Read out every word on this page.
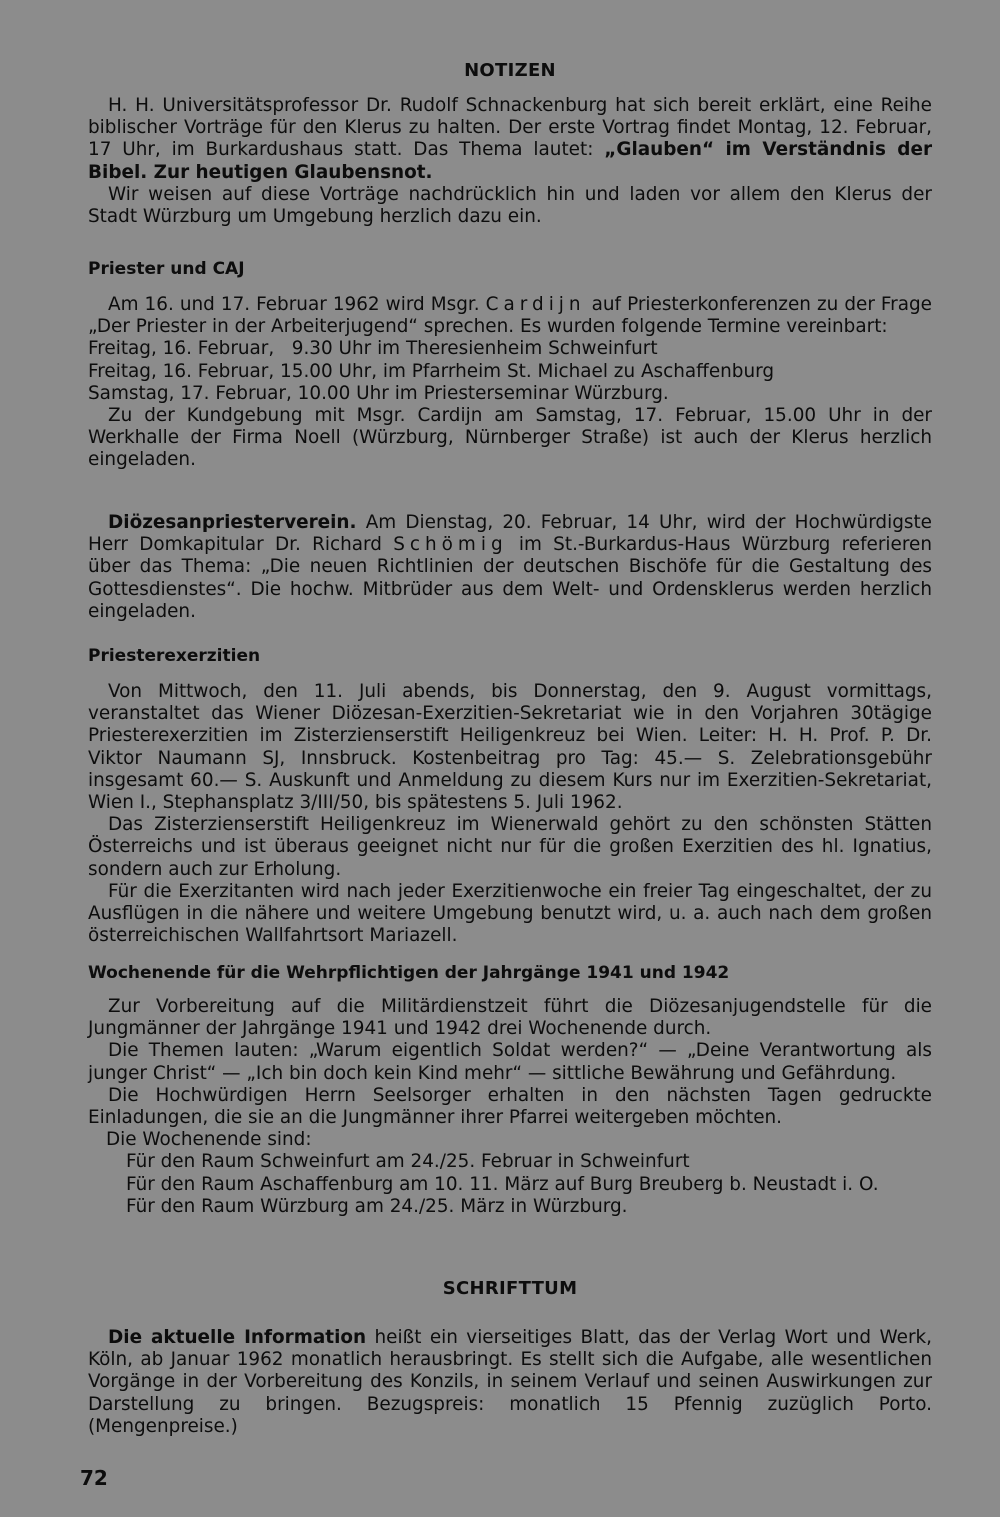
NOTIZEN

H. H. Universitätsprofessor Dr. Rudolf Schnackenburg hat sich bereit erklärt, eine Reihe biblischer Vorträge für den Klerus zu halten. Der erste Vortrag findet Montag, 12. Februar, 17 Uhr, im Burkardushaus statt. Das Thema lautet: „Glauben“ im Verständnis der Bibel. Zur heutigen Glaubensnot.
Wir weisen auf diese Vorträge nachdrücklich hin und laden vor allem den Klerus der Stadt Würzburg um Umgebung herzlich dazu ein.

Priester und CAJ

Am 16. und 17. Februar 1962 wird Msgr. Cardijn auf Priesterkonferenzen zu der Frage „Der Priester in der Arbeiterjugend“ sprechen. Es wurden folgende Termine vereinbart:
Freitag, 16. Februar,   9.30 Uhr im Theresienheim Schweinfurt
Freitag, 16. Februar, 15.00 Uhr, im Pfarrheim St. Michael zu Aschaffenburg
Samstag, 17. Februar, 10.00 Uhr im Priesterseminar Würzburg.
Zu der Kundgebung mit Msgr. Cardijn am Samstag, 17. Februar, 15.00 Uhr in der Werkhalle der Firma Noell (Würzburg, Nürnberger Straße) ist auch der Klerus herzlich eingeladen.

Diözesanpriesterverein. Am Dienstag, 20. Februar, 14 Uhr, wird der Hochwürdigste Herr Domkapitular Dr. Richard Schömig im St.-Burkardus-Haus Würzburg referieren über das Thema: „Die neuen Richtlinien der deutschen Bischöfe für die Gestaltung des Gottesdienstes“. Die hochw. Mitbrüder aus dem Welt- und Ordensklerus werden herzlich eingeladen.

Priesterexerzitien

Von Mittwoch, den 11. Juli abends, bis Donnerstag, den 9. August vormittags, veranstaltet das Wiener Diözesan-Exerzitien-Sekretariat wie in den Vorjahren 30tägige Priesterexerzitien im Zisterzienserstift Heiligenkreuz bei Wien. Leiter: H. H. Prof. P. Dr. Viktor Naumann SJ, Innsbruck. Kostenbeitrag pro Tag: 45.— S. Zelebrationsgebühr insgesamt 60.— S. Auskunft und Anmeldung zu diesem Kurs nur im Exerzitien-Sekretariat, Wien I., Stephansplatz 3/III/50, bis spätestens 5. Juli 1962.
Das Zisterzienserstift Heiligenkreuz im Wienerwald gehört zu den schönsten Stätten Österreichs und ist überaus geeignet nicht nur für die großen Exerzitien des hl. Ignatius, sondern auch zur Erholung.
Für die Exerzitanten wird nach jeder Exerzitienwoche ein freier Tag eingeschaltet, der zu Ausflügen in die nähere und weitere Umgebung benutzt wird, u. a. auch nach dem großen österreichischen Wallfahrtsort Mariazell.

Wochenende für die Wehrpflichtigen der Jahrgänge 1941 und 1942

Zur Vorbereitung auf die Militärdienstzeit führt die Diözesanjugendstelle für die Jungmänner der Jahrgänge 1941 und 1942 drei Wochenende durch.
Die Themen lauten: „Warum eigentlich Soldat werden?“ — „Deine Verantwortung als junger Christ“ — „Ich bin doch kein Kind mehr“ — sittliche Bewährung und Gefährdung.
Die Hochwürdigen Herrn Seelsorger erhalten in den nächsten Tagen gedruckte Einladungen, die sie an die Jungmänner ihrer Pfarrei weitergeben möchten.
Die Wochenende sind:
Für den Raum Schweinfurt am 24./25. Februar in Schweinfurt
Für den Raum Aschaffenburg am 10. 11. März auf Burg Breuberg b. Neustadt i. O.
Für den Raum Würzburg am 24./25. März in Würzburg.

SCHRIFTTUM

Die aktuelle Information heißt ein vierseitiges Blatt, das der Verlag Wort und Werk, Köln, ab Januar 1962 monatlich herausbringt. Es stellt sich die Aufgabe, alle wesentlichen Vorgänge in der Vorbereitung des Konzils, in seinem Verlauf und seinen Auswirkungen zur Darstellung zu bringen. Bezugspreis: monatlich 15 Pfennig zuzüglich Porto. (Mengenpreise.)

72
